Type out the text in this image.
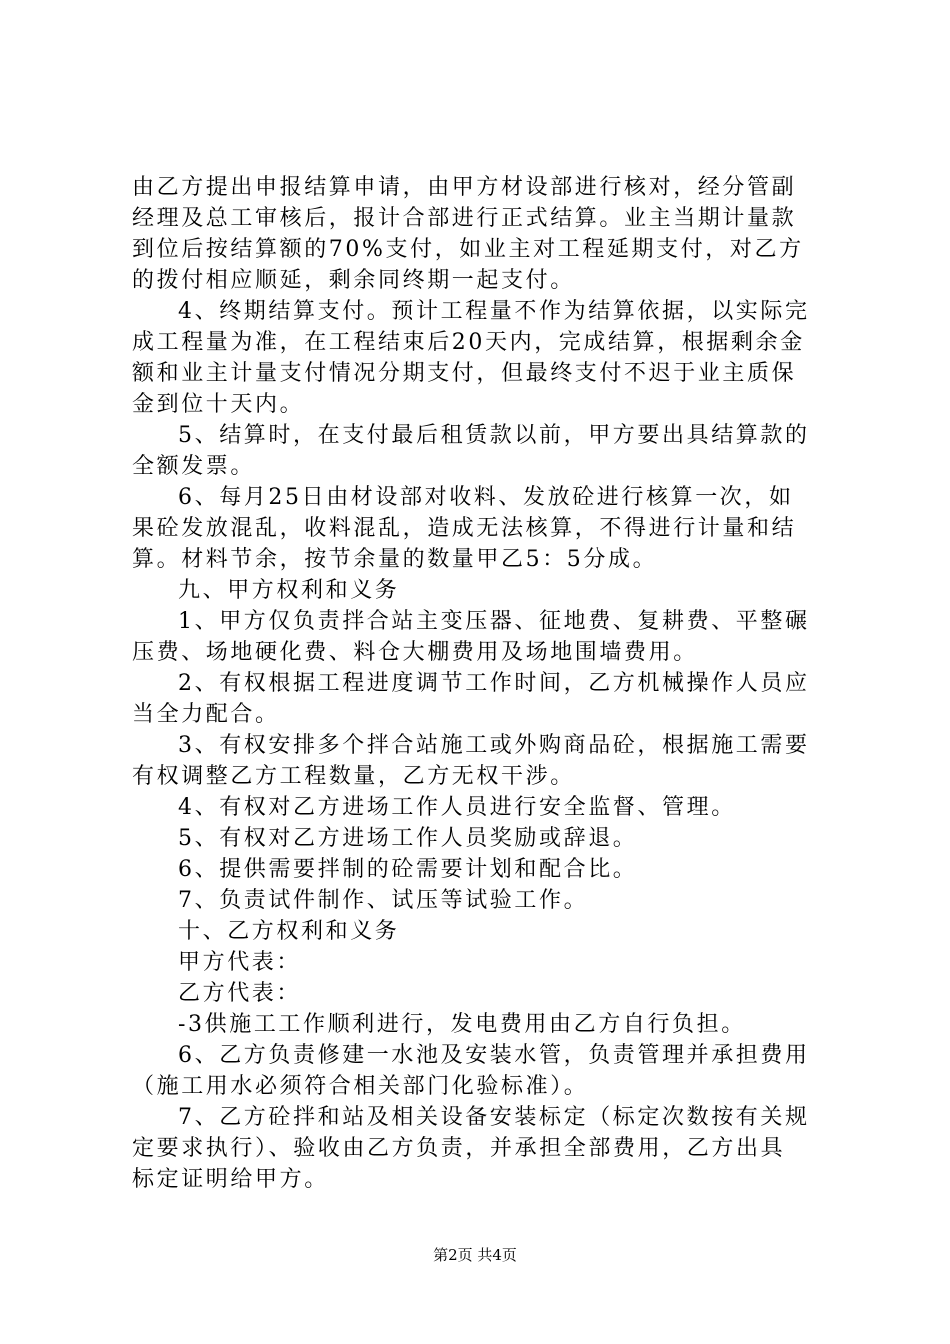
由乙方提出申报结算申请，由甲方材设部进行核对，经分管副
经理及总工审核后，报计合部进行正式结算。业主当期计量款
到位后按结算额的70%支付，如业主对工程延期支付，对乙方
的拨付相应顺延，剩余同终期一起支付。
4、终期结算支付。预计工程量不作为结算依据，以实际完
成工程量为准，在工程结束后20天内，完成结算，根据剩余金
额和业主计量支付情况分期支付，但最终支付不迟于业主质保
金到位十天内。
5、结算时，在支付最后租赁款以前，甲方要出具结算款的
全额发票。
6、每月25日由材设部对收料、发放砼进行核算一次，如
果砼发放混乱，收料混乱，造成无法核算，不得进行计量和结
算。材料节余，按节余量的数量甲乙5：5分成。
九、甲方权利和义务
1、甲方仅负责拌合站主变压器、征地费、复耕费、平整碾
压费、场地硬化费、料仓大棚费用及场地围墙费用。
2、有权根据工程进度调节工作时间，乙方机械操作人员应
当全力配合。
3、有权安排多个拌合站施工或外购商品砼，根据施工需要
有权调整乙方工程数量，乙方无权干涉。
4、有权对乙方进场工作人员进行安全监督、管理。
5、有权对乙方进场工作人员奖励或辞退。
6、提供需要拌制的砼需要计划和配合比。
7、负责试件制作、试压等试验工作。
十、乙方权利和义务
甲方代表：
乙方代表：
-3供施工工作顺利进行，发电费用由乙方自行负担。
6、乙方负责修建一水池及安装水管，负责管理并承担费用
（施工用水必须符合相关部门化验标准）。
7、乙方砼拌和站及相关设备安装标定（标定次数按有关规
定要求执行）、验收由乙方负责，并承担全部费用，乙方出具
标定证明给甲方。
第2页 共4页
